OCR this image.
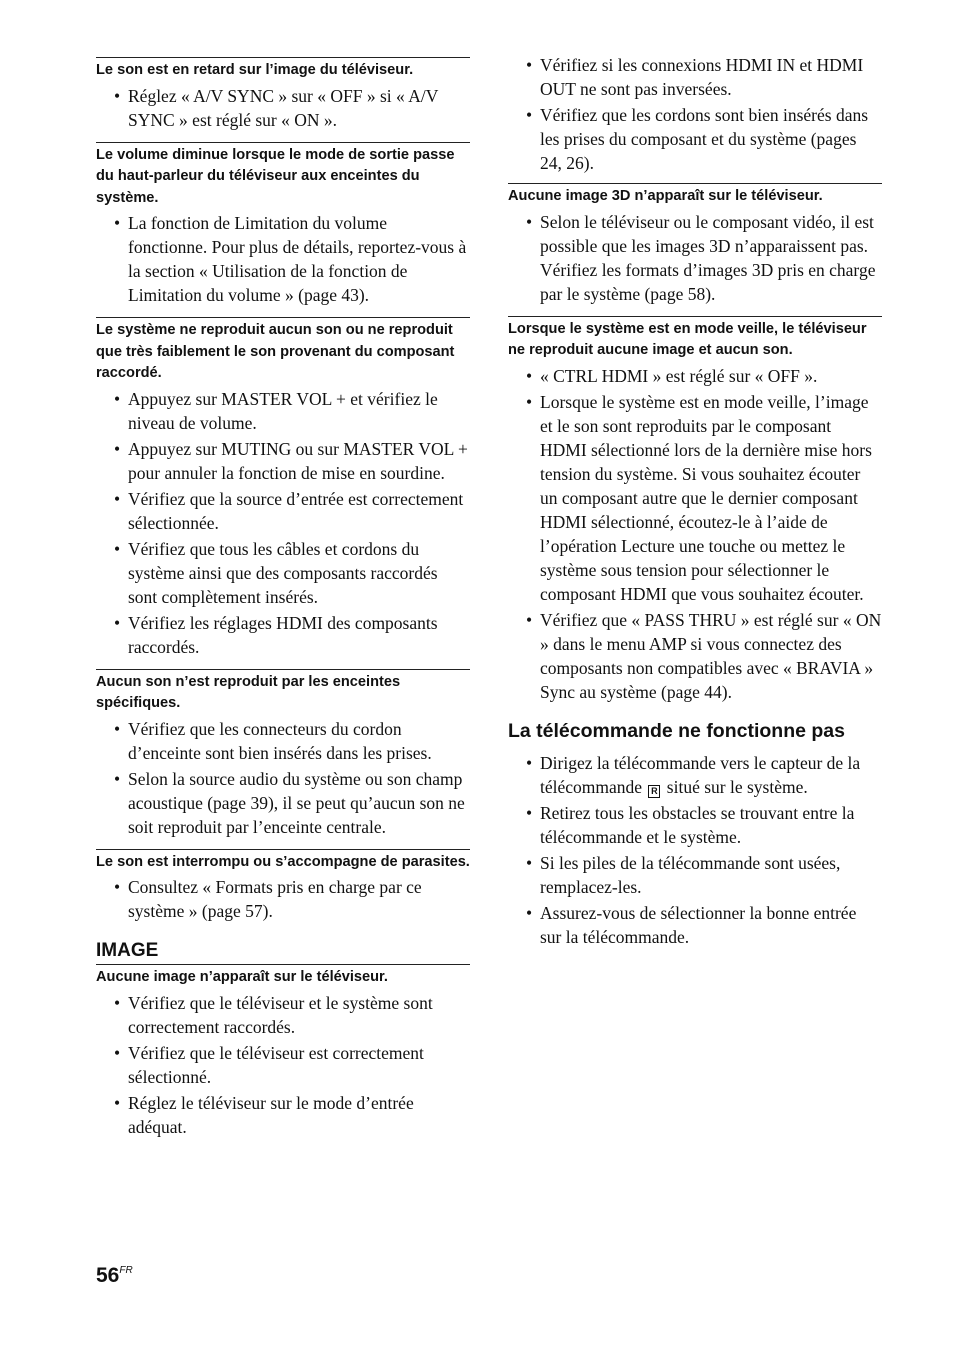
Le son est en retard sur l’image du téléviseur.
• Réglez « A/V SYNC » sur « OFF » si « A/V SYNC » est réglé sur « ON ».
Le volume diminue lorsque le mode de sortie passe du haut-parleur du téléviseur aux enceintes du système.
• La fonction de Limitation du volume fonctionne. Pour plus de détails, reportez-vous à la section « Utilisation de la fonction de Limitation du volume » (page 43).
Le système ne reproduit aucun son ou ne reproduit que très faiblement le son provenant du composant raccordé.
• Appuyez sur MASTER VOL + et vérifiez le niveau de volume.
• Appuyez sur MUTING ou sur MASTER VOL + pour annuler la fonction de mise en sourdine.
• Vérifiez que la source d’entrée est correctement sélectionnée.
• Vérifiez que tous les câbles et cordons du système ainsi que des composants raccordés sont complètement insérés.
• Vérifiez les réglages HDMI des composants raccordés.
Aucun son n’est reproduit par les enceintes spécifiques.
• Vérifiez que les connecteurs du cordon d’enceinte sont bien insérés dans les prises.
• Selon la source audio du système ou son champ acoustique (page 39), il se peut qu’aucun son ne soit reproduit par l’enceinte centrale.
Le son est interrompu ou s’accompagne de parasites.
• Consultez « Formats pris en charge par ce système » (page 57).
IMAGE
Aucune image n’apparaît sur le téléviseur.
• Vérifiez que le téléviseur et le système sont correctement raccordés.
• Vérifiez que le téléviseur est correctement sélectionné.
• Réglez le téléviseur sur le mode d’entrée adéquat.
• Vérifiez si les connexions HDMI IN et HDMI OUT ne sont pas inversées.
• Vérifiez que les cordons sont bien insérés dans les prises du composant et du système (pages 24, 26).
Aucune image 3D n’apparaît sur le téléviseur.
• Selon le téléviseur ou le composant vidéo, il est possible que les images 3D n’apparaissent pas. Vérifiez les formats d’images 3D pris en charge par le système (page 58).
Lorsque le système est en mode veille, le téléviseur ne reproduit aucune image et aucun son.
• « CTRL HDMI » est réglé sur « OFF ».
• Lorsque le système est en mode veille, l’image et le son sont reproduits par le composant HDMI sélectionné lors de la dernière mise hors tension du système. Si vous souhaitez écouter un composant autre que le dernier composant HDMI sélectionné, écoutez-le à l’aide de l’opération Lecture une touche ou mettez le système sous tension pour sélectionner le composant HDMI que vous souhaitez écouter.
• Vérifiez que « PASS THRU » est réglé sur « ON » dans le menu AMP si vous connectez des composants non compatibles avec « BRAVIA » Sync au système (page 44).
La télécommande ne fonctionne pas
• Dirigez la télécommande vers le capteur de la télécommande R situé sur le système.
• Retirez tous les obstacles se trouvant entre la télécommande et le système.
• Si les piles de la télécommande sont usées, remplacez-les.
• Assurez-vous de sélectionner la bonne entrée sur la télécommande.
$56^{FR}$
